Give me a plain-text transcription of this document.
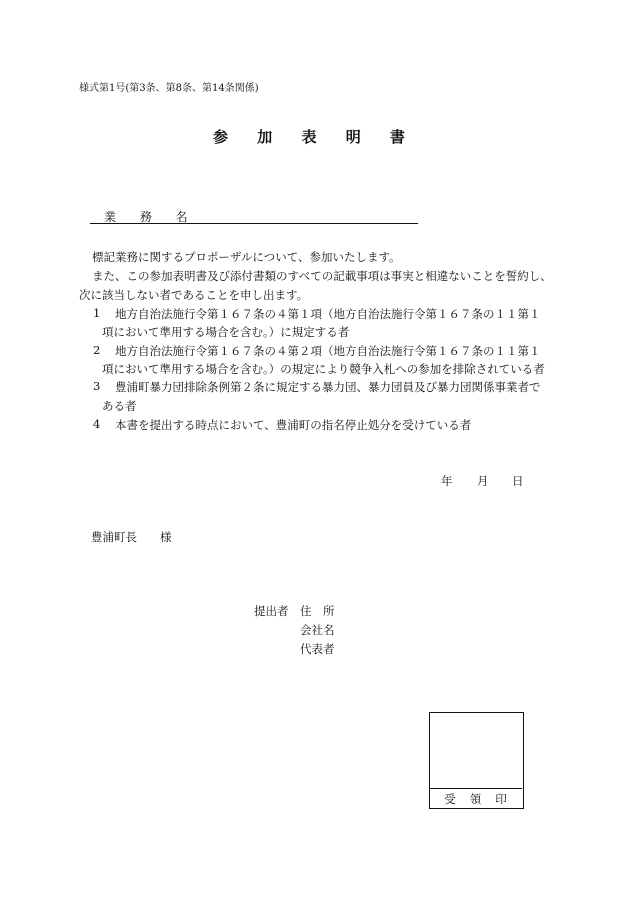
様式第1号(第3条、第8条、第14条関係)
参 加 表 明 書
業 務 名
標記業務に関するプロポーザルについて、参加いたします。
また、この参加表明書及び添付書類のすべての記載事項は事実と相違ないことを誓約し、
次に該当しない者であることを申し出ます。
1 地方自治法施行令第１６７条の４第１項（地方自治法施行令第１６７条の１１第１
項において準用する場合を含む。）に規定する者
2 地方自治法施行令第１６７条の４第２項（地方自治法施行令第１６７条の１１第１
項において準用する場合を含む。）の規定により競争入札への参加を排除されている者
3 豊浦町暴力団排除条例第２条に規定する暴力団、暴力団員及び暴力団関係事業者で
ある者
4 本書を提出する時点において、豊浦町の指名停止処分を受けている者
年 月 日
豊浦町長　　様
提出者 住　所
会社名
代表者
受領印
